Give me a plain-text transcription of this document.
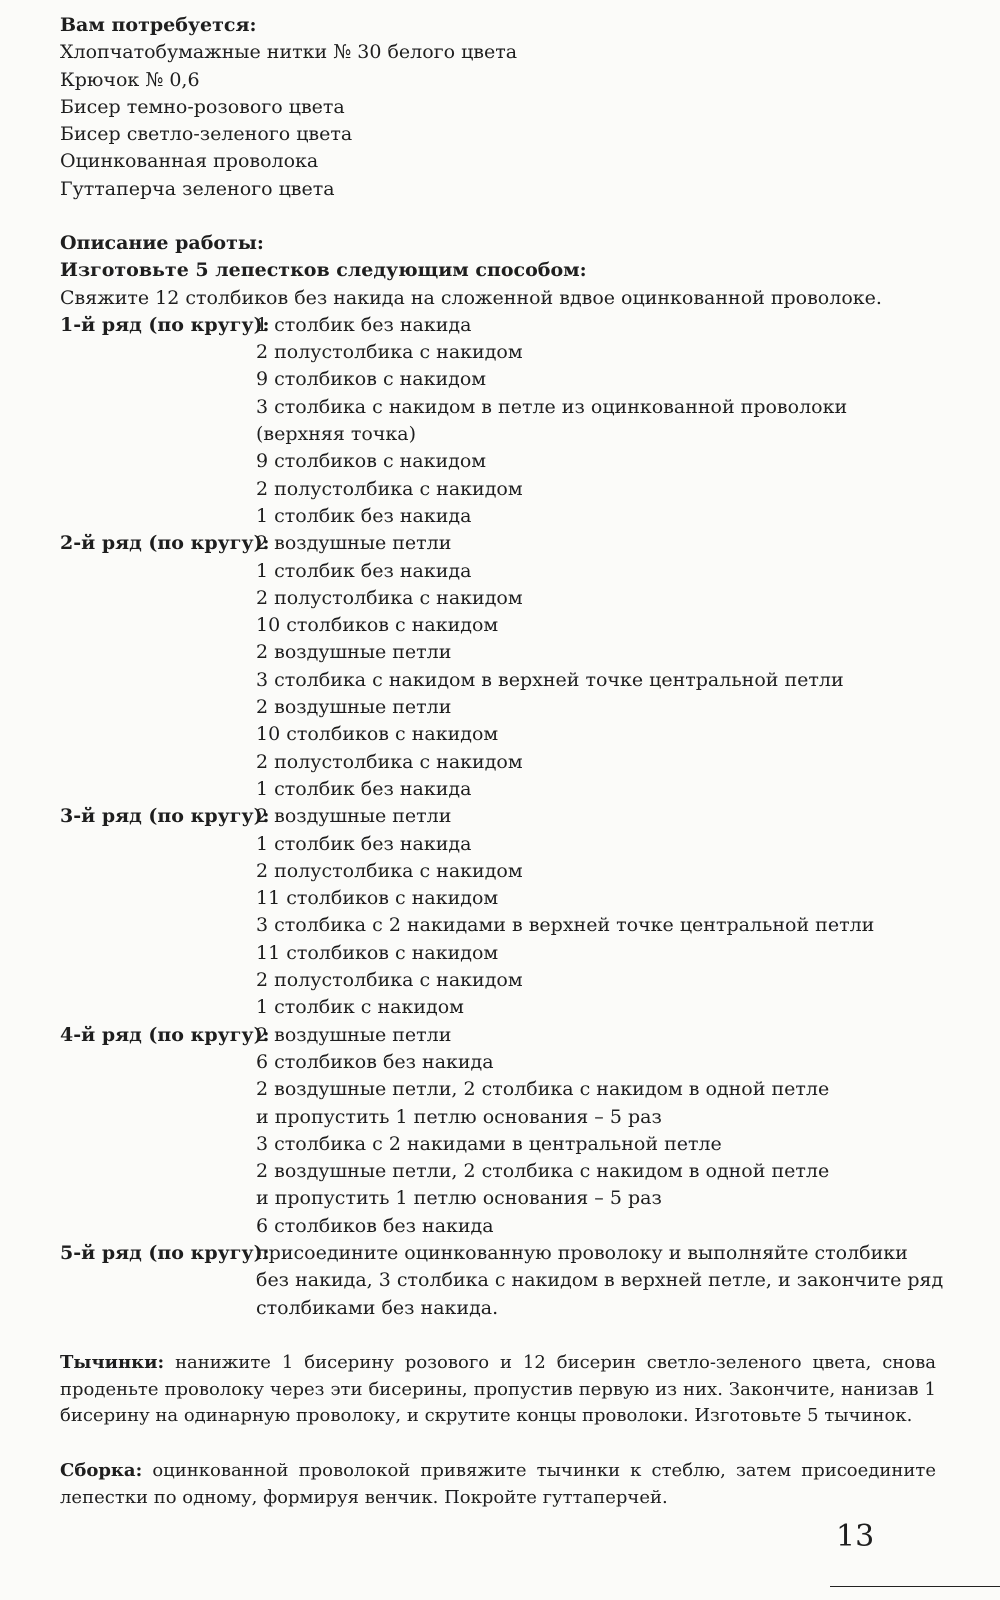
Вам потребуется:
Хлопчатобумажные нитки № 30 белого цвета
Крючок № 0,6
Бисер темно-розового цвета
Бисер светло-зеленого цвета
Оцинкованная проволока
Гуттаперча зеленого цвета
Описание работы:
Изготовьте 5 лепестков следующим способом:
Свяжите 12 столбиков без накида на сложенной вдвое оцинкованной проволоке.
1-й ряд (по кругу):
1 столбик без накида
2 полустолбика с накидом
9 столбиков с накидом
3 столбика с накидом в петле из оцинкованной проволоки
(верхняя точка)
9 столбиков с накидом
2 полустолбика с накидом
1 столбик без накида
2-й ряд (по кругу):
2 воздушные петли
1 столбик без накида
2 полустолбика с накидом
10 столбиков с накидом
2 воздушные петли
3 столбика с накидом в верхней точке центральной петли
2 воздушные петли
10 столбиков с накидом
2 полустолбика с накидом
1 столбик без накида
3-й ряд (по кругу):
2 воздушные петли
1 столбик без накида
2 полустолбика с накидом
11 столбиков с накидом
3 столбика с 2 накидами в верхней точке центральной петли
11 столбиков с накидом
2 полустолбика с накидом
1 столбик с накидом
4-й ряд (по кругу):
2 воздушные петли
6 столбиков без накида
2 воздушные петли, 2 столбика с накидом в одной петле
и пропустить 1 петлю основания – 5 раз
3 столбика с 2 накидами в центральной петле
2 воздушные петли, 2 столбика с накидом в одной петле
и пропустить 1 петлю основания – 5 раз
6 столбиков без накида
5-й ряд (по кругу):
присоедините оцинкованную проволоку и выполняйте столбики
без накида, 3 столбика с накидом в верхней петле, и закончите ряд
столбиками без накида.
Тычинки: нанижите 1 бисерину розового и 12 бисерин светло-зеленого цвета, снова проденьте проволоку через эти бисерины, пропустив первую из них. Закончите, нанизав 1 бисерину на одинарную проволоку, и скрутите концы проволоки. Изготовьте 5 тычинок.
Сборка: оцинкованной проволокой привяжите тычинки к стеблю, затем присоедините лепестки по одному, формируя венчик. Покройте гуттаперчей.
13
